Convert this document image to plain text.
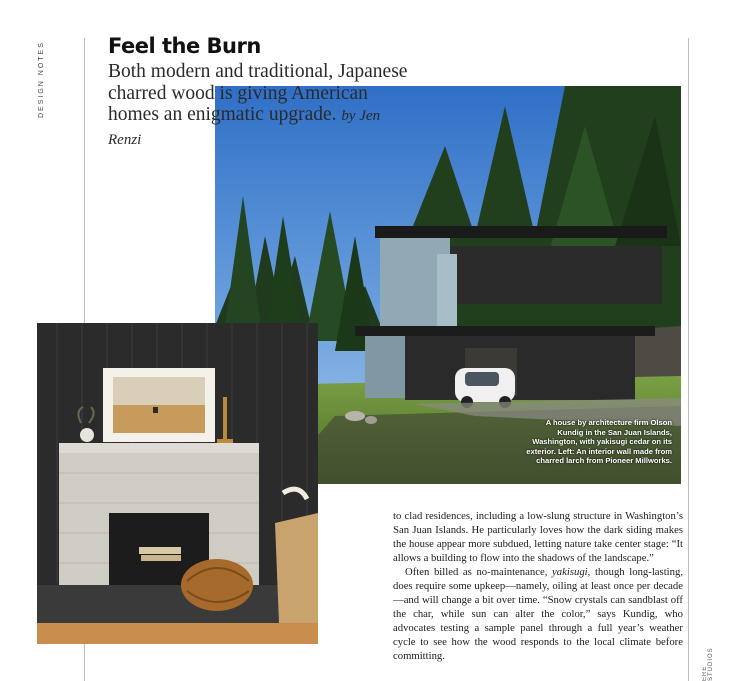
DESIGN NOTES	Feel the Burn
Both modern and traditional, Japanese charred wood is giving American homes an enigmatic upgrade. by Jen Renzi
A house by architecture firm Olson Kundig in the San Juan Islands, Washington, with yakisugi cedar on its exterior. Left: An interior wall made from charred larch from Pioneer Millworks.

to clad residences, including a low-slung structure in Washington’s San Juan Islands. He particularly loves how the dark siding makes the house appear more subdued, letting nature take center stage: “It allows a building to flow into the shadows of the landscape.”

Often billed as no-maintenance, yakisugi, though long-lasting, does require some upkeep—namely, oiling at least once per decade—and will change a bit over time. “Snow crystals can sandblast off the char, while sun can alter the color,” says Kundig, who advocates testing a sample panel through a full year’s weather cycle to see how the wood responds to the local climate before committing.

ERE STUDIOS
